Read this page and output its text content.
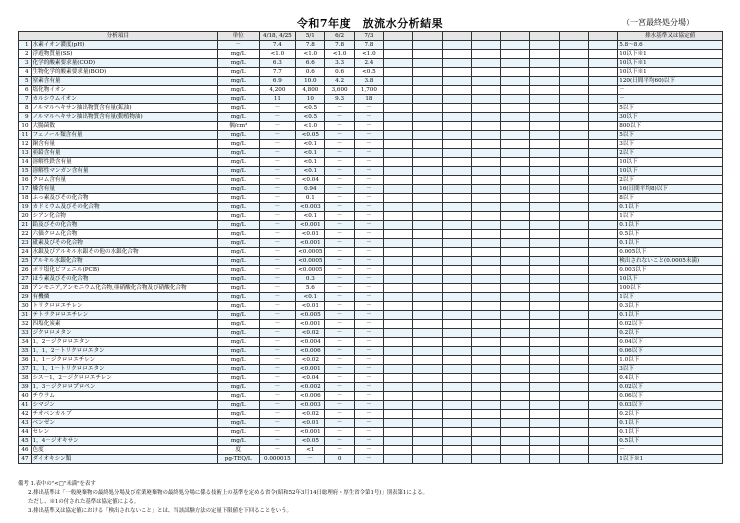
令和7年度　放流水分析結果	（一宮最終処分場）
分析項目		単位	4/18, 4/25	5/1	6/2	7/3									排水基準又は協定値
1	水素イオン濃度(pH)	－	7.4	7.8	7.8	7.8									5.8～8.6
2	浮遊物質量(SS)	mg/L	<1.0	<1.0	<1.0	<1.0									10以下※1
3	化学的酸素要求量(COD)	mg/L	6.3	6.6	3.3	2.4									10以下※1
4	生物化学的酸素要求量(BOD)	mg/L	7.7	0.6	0.6	<0.5									10以下※1
5	窒素含有量	mg/L	6.9	10.0	4.2	3.8									120(日間平均60)以下
6	塩化物イオン	mg/L	4,200	4,800	3,600	1,700									－
7	カルシウムイオン	mg/L	11	10	9.3	18									－
8	ノルマルヘキサン抽出物質含有量(鉱油)	mg/L	－	<0.5	－	－									5以下
9	ノルマルヘキサン抽出物質含有量(動植物油)	mg/L	－	<0.5	－	－									30以下
10	大腸菌数	個/cm³	－	<1.0	－	－									800以下
11	フェノール類含有量	mg/L	－	<0.05	－	－									5以下
12	銅含有量	mg/L	－	<0.1	－	－									3以下
13	亜鉛含有量	mg/L	－	<0.1	－	－									2以下
14	溶解性鉄含有量	mg/L	－	<0.1	－	－									10以下
15	溶解性マンガン含有量	mg/L	－	<0.1	－	－									10以下
16	クロム含有量	mg/L	－	<0.04	－	－									2以下
17	燐含有量	mg/L	－	0.94	－	－									16(日間平均8)以下
18	ふっ素及びその化合物	mg/L	－	0.1	－	－									8以下
19	カドミウム及びその化合物	mg/L	－	<0.003	－	－									0.1以下
20	シアン化合物	mg/L	－	<0.1	－	－									1以下
21	鉛及びその化合物	mg/L	－	<0.001	－	－									0.1以下
22	六価クロム化合物	mg/L	－	<0.01	－	－									0.5以下
23	砒素及びその化合物	mg/L	－	<0.001	－	－									0.1以下
24	水銀及びアルキル水銀その他の水銀化合物	mg/L	－	<0.0005	－	－									0.005以下
25	アルキル水銀化合物	mg/L	－	<0.0005	－	－									検出されないこと(0.0005未満)
26	ポリ塩化ビフェニル(PCB)	mg/L	－	<0.0005	－	－									0.003以下
27	ほう素及びその化合物	mg/L	－	0.3	－	－									10以下
28	アンモニア,アンモニウム化合物,亜硝酸化合物及び硝酸化合物	mg/L	－	5.6	－	－									100以下
29	有機燐	mg/L	－	<0.1	－	－									1以下
30	トリクロロエチレン	mg/L	－	<0.01	－	－									0.3以下
31	テトラクロロエチレン	mg/L	－	<0.005	－	－									0.1以下
32	四塩化炭素	mg/L	－	<0.001	－	－									0.02以下
33	ジクロロメタン	mg/L	－	<0.02	－	－									0.2以下
34	1，2－ジクロロエタン	mg/L	－	<0.004	－	－									0.04以下
35	1，1，2－トリクロロエタン	mg/L	－	<0.006	－	－									0.06以下
36	1，1－ジクロロエチレン	mg/L	－	<0.02	－	－									1.0以下
37	1，1，1－トリクロロエタン	mg/L	－	<0.001	－	－									3以下
38	シス－1，2－ジクロロエチレン	mg/L	－	<0.04	－	－									0.4以下
39	1，3－ジクロロプロペン	mg/L	－	<0.002	－	－									0.02以下
40	チウラム	mg/L	－	<0.006	－	－									0.06以下
41	シマジン	mg/L	－	<0.003	－	－									0.03以下
42	チオベンカルブ	mg/L	－	<0.02	－	－									0.2以下
43	ベンゼン	mg/L	－	<0.01	－	－									0.1以下
44	セレン	mg/L	－	<0.001	－	－									0.1以下
45	1，4－ジオキサン	mg/L	－	<0.05	－	－									0.5以下
46	色度	度	－	<1	－	－									－
47	ダイオキシン類	pg-TEQ/L	0.000015	－	0	－									1以下※1
備考 1.表中の"<□"未満"を表す
2.排出基準は「一般廃棄物の最終処分場及び産業廃棄物の最終処分場に係る技術上の基準を定める省令(昭和52年3月14日総理府・厚生省令第1号)」別表第1による。
ただし、※1の付された基準は協定値による。
3.排出基準又は協定値における「検出されないこと」とは、当該試験方法の定量下限値を下回ることをいう。
